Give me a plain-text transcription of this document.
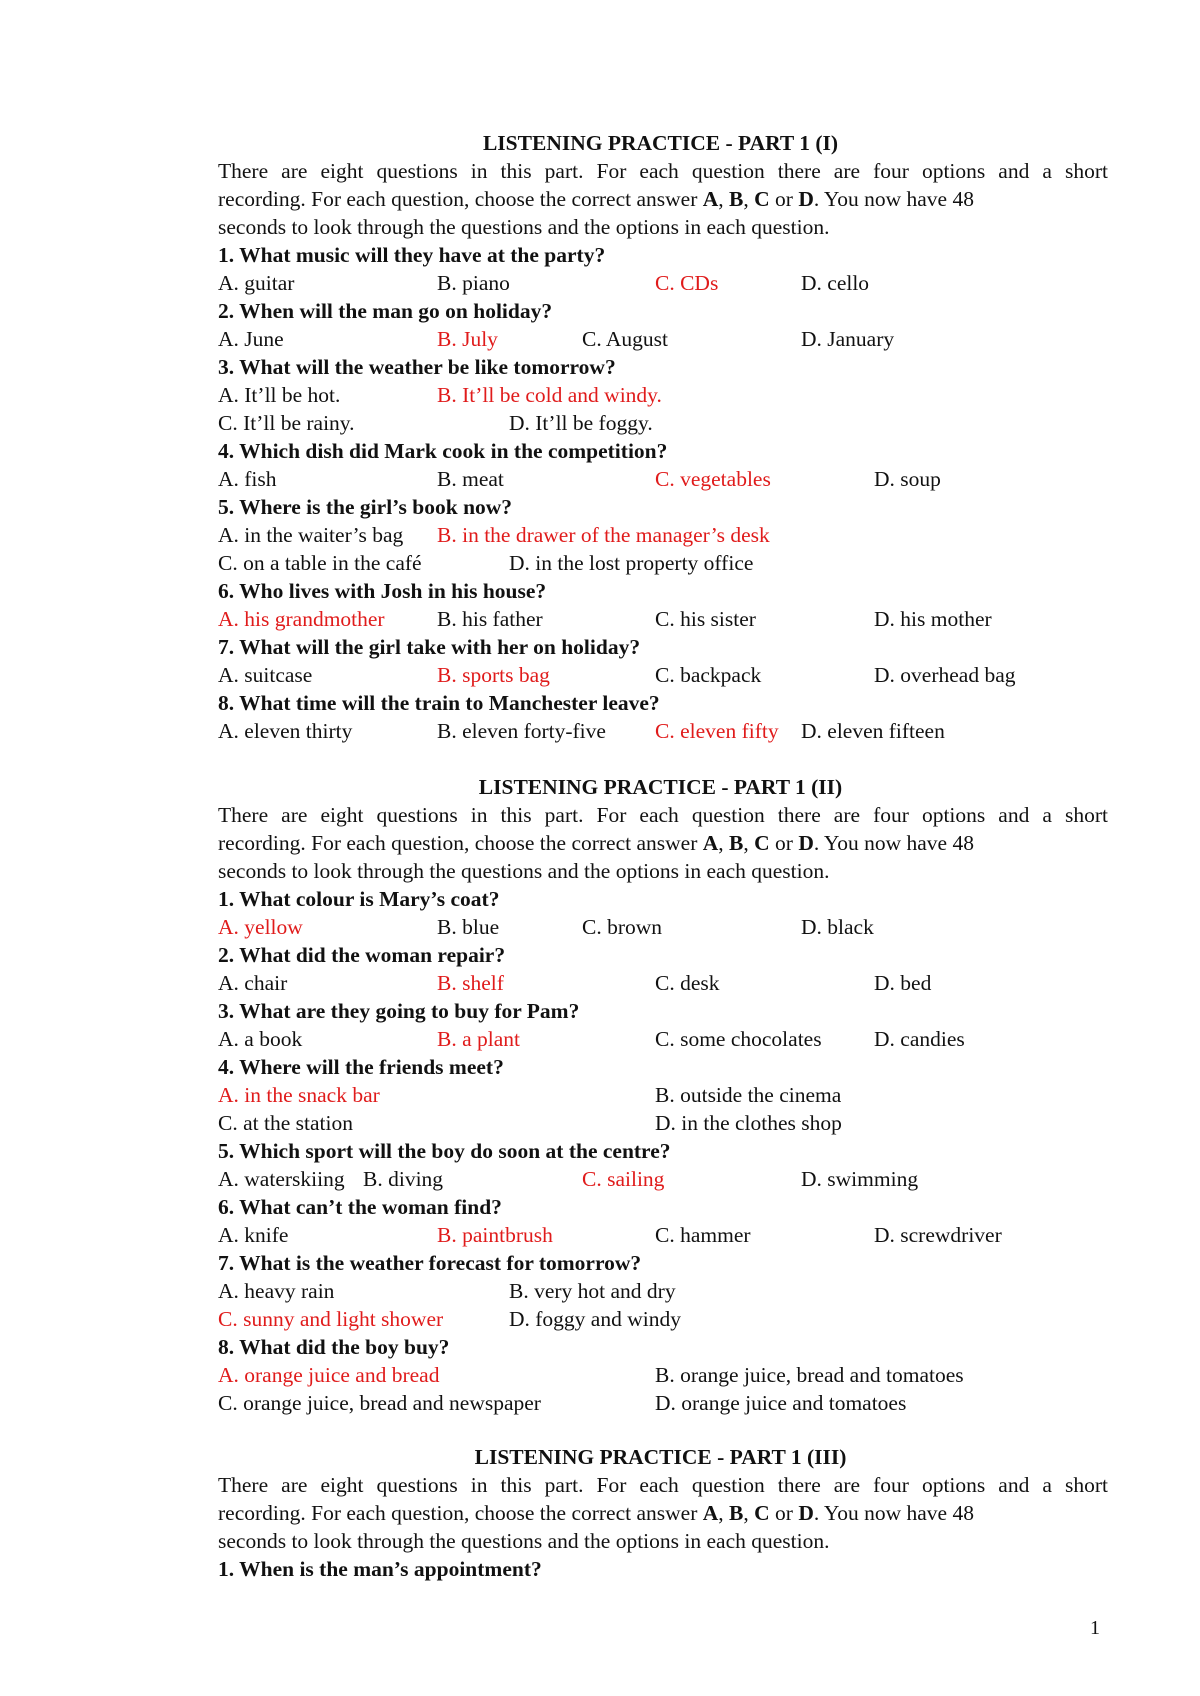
LISTENING PRACTICE - PART 1 (I)
There are eight questions in this part. For each question there are four options and a short
recording. For each question, choose the correct answer A, B, C or D. You now have 48
seconds to look through the questions and the options in each question.
1. What music will they have at the party?
A. guitar	B. piano	C. CDs	D. cello
2. When will the man go on holiday?
A. June	B. July	C. August	D. January
3. What will the weather be like tomorrow?
A. It’ll be hot.	B. It’ll be cold and windy.
C. It’ll be rainy.	D. It’ll be foggy.
4. Which dish did Mark cook in the competition?
A. fish	B. meat	C. vegetables	D. soup
5. Where is the girl’s book now?
A. in the waiter’s bag B. in the drawer of the manager’s desk
C. on a table in the café	D. in the lost property office
6. Who lives with Josh in his house?
A. his grandmother B. his father	C. his sister	D. his mother
7. What will the girl take with her on holiday?
A. suitcase	B. sports bag	C. backpack	D. overhead bag
8. What time will the train to Manchester leave?
A. eleven thirty	B. eleven forty-five C. eleven fifty D. eleven fifteen
LISTENING PRACTICE - PART 1 (II)
There are eight questions in this part. For each question there are four options and a short
recording. For each question, choose the correct answer A, B, C or D. You now have 48
seconds to look through the questions and the options in each question.
1. What colour is Mary’s coat?
A. yellow	B. blue	C. brown	D. black
2. What did the woman repair?
A. chair	B. shelf	C. desk	D. bed
3. What are they going to buy for Pam?
A. a book	B. a plant	C. some chocolates D. candies
4. Where will the friends meet?
A. in the snack bar	B. outside the cinema
C. at the station	D. in the clothes shop
5. Which sport will the boy do soon at the centre?
A. waterskiing B. diving	C. sailing	D. swimming
6. What can’t the woman find?
A. knife	B. paintbrush	C. hammer	D. screwdriver
7. What is the weather forecast for tomorrow?
A. heavy rain	B. very hot and dry
C. sunny and light shower	D. foggy and windy
8. What did the boy buy?
A. orange juice and bread	B. orange juice, bread and tomatoes
C. orange juice, bread and newspaper	D. orange juice and tomatoes
LISTENING PRACTICE - PART 1 (III)
There are eight questions in this part. For each question there are four options and a short
recording. For each question, choose the correct answer A, B, C or D. You now have 48
seconds to look through the questions and the options in each question.
1. When is the man’s appointment?
1
